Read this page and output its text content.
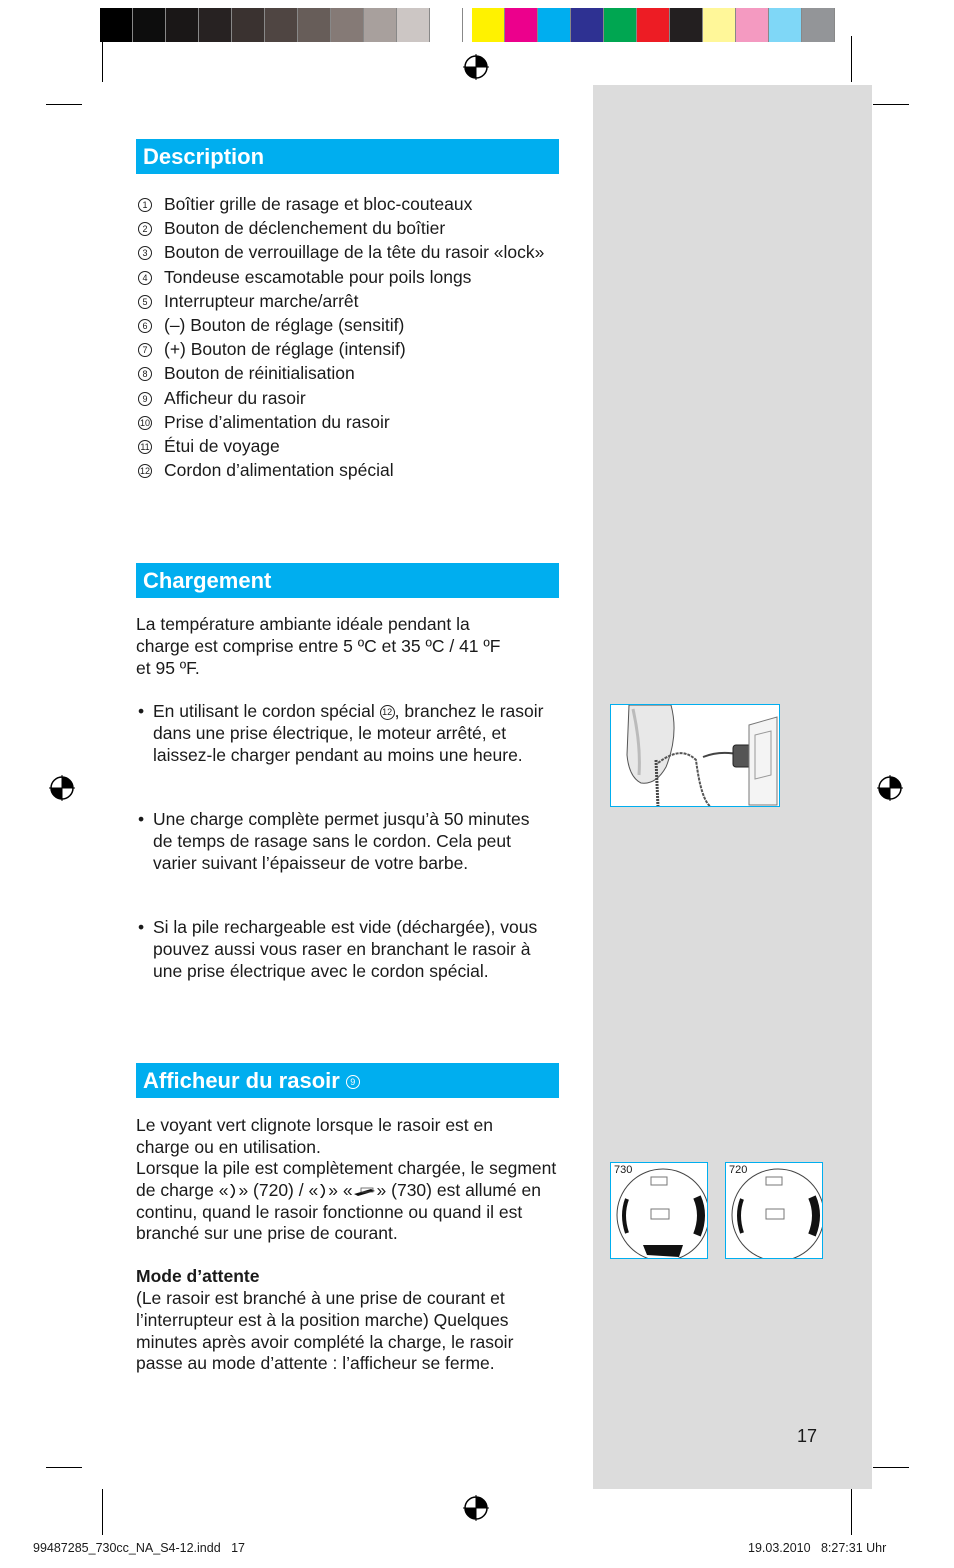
Description
1 Boîtier grille de rasage et bloc-couteaux
2 Bouton de déclenchement du boîtier
3 Bouton de verrouillage de la tête du rasoir «lock»
4 Tondeuse escamotable pour poils longs
5 Interrupteur marche/arrêt
6 (–) Bouton de réglage (sensitif)
7 (+) Bouton de réglage (intensif)
8 Bouton de réinitialisation
9 Afficheur du rasoir
10 Prise d’alimentation du rasoir
11 Étui de voyage
12 Cordon d’alimentation spécial
Chargement
La température ambiante idéale pendant la charge est comprise entre 5 ºC et 35 ºC / 41 ºF et 95 ºF.
• En utilisant le cordon spécial 12 , branchez le rasoir dans une prise électrique, le moteur arrêté, et laissez-le charger pendant au moins une heure.
• Une charge complète permet jusqu’à 50 minutes de temps de rasage sans le cordon. Cela peut varier suivant l’épaisseur de votre barbe.
• Si la pile rechargeable est vide (déchargée), vous pouvez aussi vous raser en branchant le rasoir à une prise électrique avec le cordon spécial.
Afficheur du rasoir 9
Le voyant vert clignote lorsque le rasoir est en charge ou en utilisation.
Lorsque la pile est complètement chargée, le segment de charge « » (720) / « » « » (730) est allumé en continu, quand le rasoir fonctionne ou quand il est branché sur une prise de courant.
Mode d’attente
(Le rasoir est branché à une prise de courant et l’interrupteur est à la position marche) Quelques minutes après avoir complété la charge, le rasoir passe au mode d’attente : l’afficheur se ferme.
730	720
17
99487285_730cc_NA_S4-12.indd   17	19.03.2010   8:27:31 Uhr
